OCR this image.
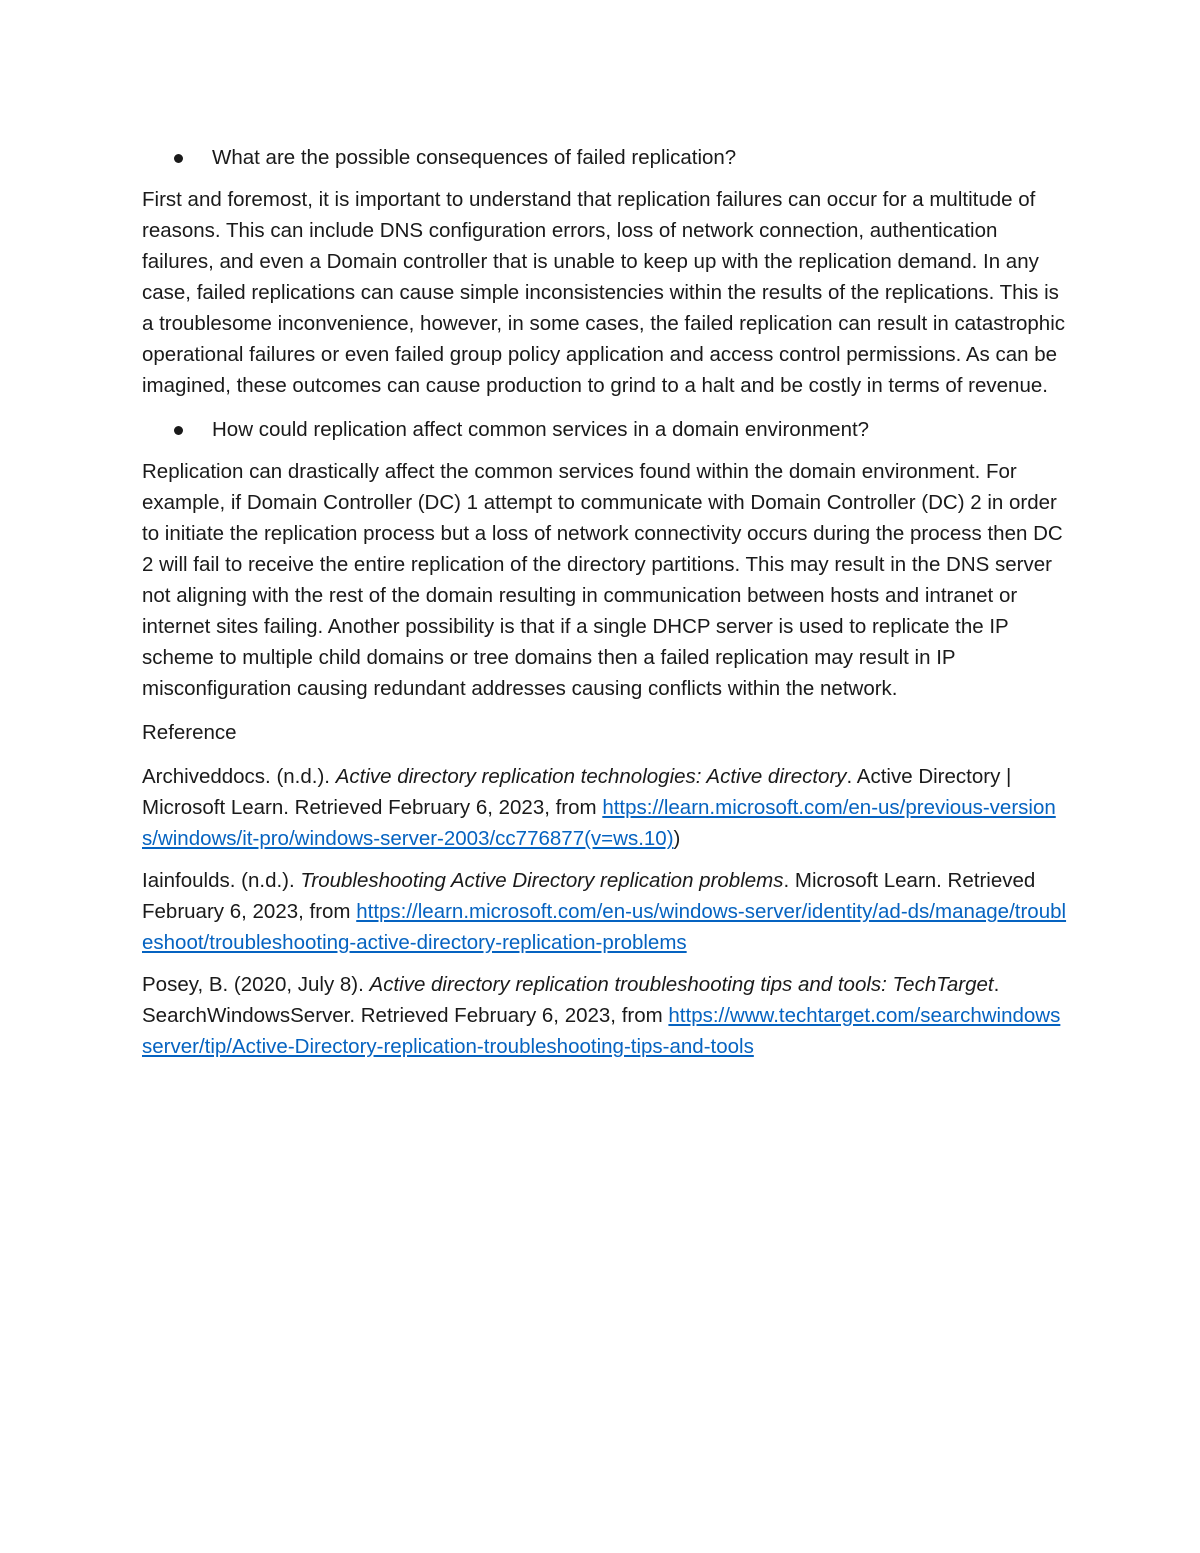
What are the possible consequences of failed replication?

First and foremost, it is important to understand that replication failures can occur for a multitude of reasons. This can include DNS configuration errors, loss of network connection, authentication failures, and even a Domain controller that is unable to keep up with the replication demand. In any case, failed replications can cause simple inconsistencies within the results of the replications. This is a troublesome inconvenience, however, in some cases, the failed replication can result in catastrophic operational failures or even failed group policy application and access control permissions. As can be imagined, these outcomes can cause production to grind to a halt and be costly in terms of revenue.

How could replication affect common services in a domain environment?

Replication can drastically affect the common services found within the domain environment. For example, if Domain Controller (DC) 1 attempt to communicate with Domain Controller (DC) 2 in order to initiate the replication process but a loss of network connectivity occurs during the process then DC 2 will fail to receive the entire replication of the directory partitions. This may result in the DNS server not aligning with the rest of the domain resulting in communication between hosts and intranet or internet sites failing. Another possibility is that if a single DHCP server is used to replicate the IP scheme to multiple child domains or tree domains then a failed replication may result in IP misconfiguration causing redundant addresses causing conflicts within the network.

Reference

Archiveddocs. (n.d.). Active directory replication technologies: Active directory. Active Directory | Microsoft Learn. Retrieved February 6, 2023, from https://learn.microsoft.com/en-us/previous-versions/windows/it-pro/windows-server-2003/cc776877(v=ws.10))

Iainfoulds. (n.d.). Troubleshooting Active Directory replication problems. Microsoft Learn. Retrieved February 6, 2023, from https://learn.microsoft.com/en-us/windows-server/identity/ad-ds/manage/troubleshoot/troubleshooting-active-directory-replication-problems

Posey, B. (2020, July 8). Active directory replication troubleshooting tips and tools: TechTarget. SearchWindowsServer. Retrieved February 6, 2023, from https://www.techtarget.com/searchwindowsserver/tip/Active-Directory-replication-troubleshooting-tips-and-tools
